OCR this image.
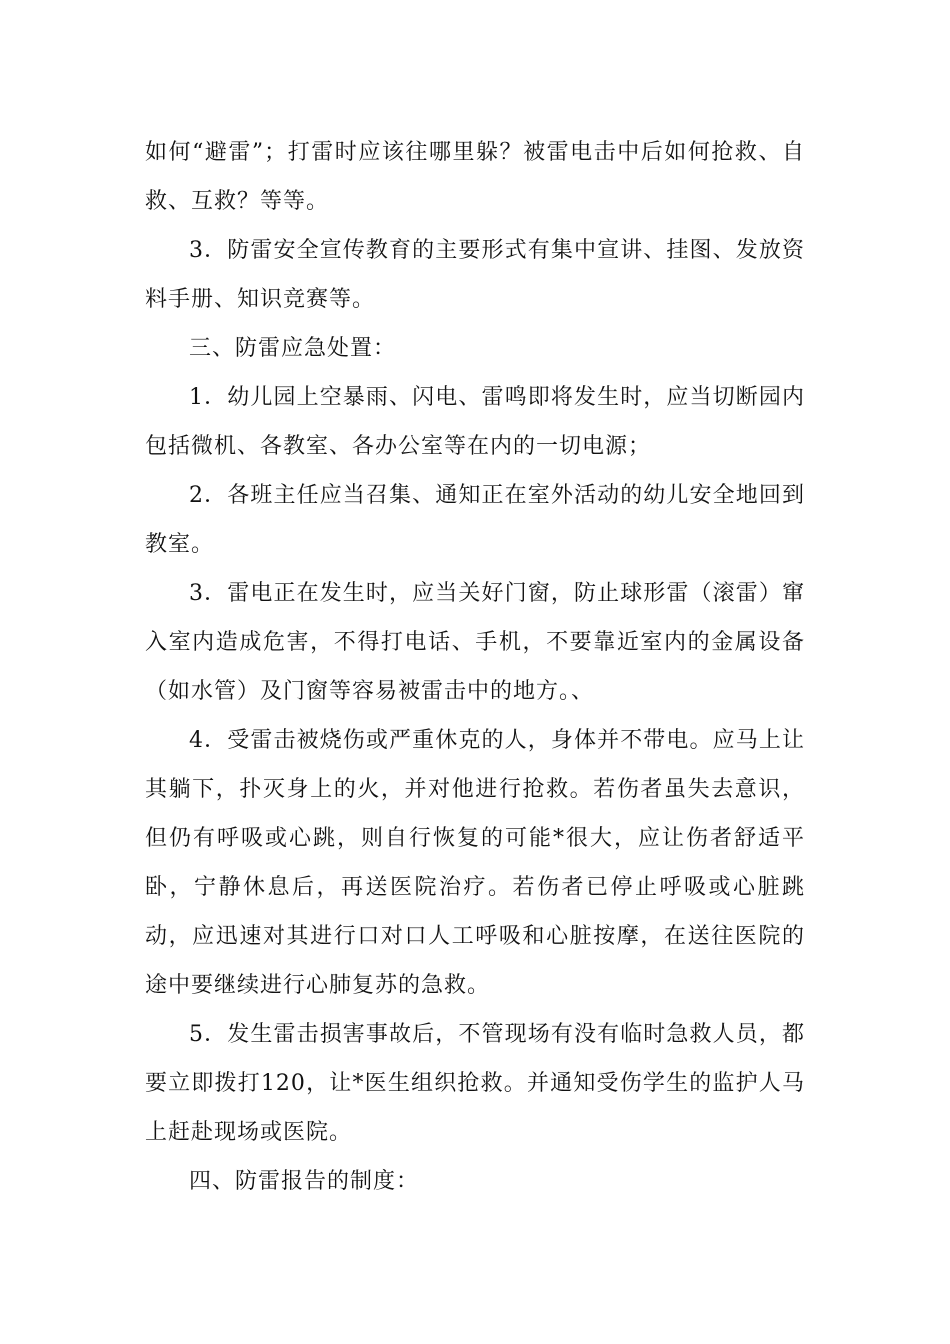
如何“避雷”；打雷时应该往哪里躲？被雷电击中后如何抢救、自救、互救？等等。

3．防雷安全宣传教育的主要形式有集中宣讲、挂图、发放资料手册、知识竞赛等。

三、防雷应急处置：

1．幼儿园上空暴雨、闪电、雷鸣即将发生时，应当切断园内包括微机、各教室、各办公室等在内的一切电源；

2．各班主任应当召集、通知正在室外活动的幼儿安全地回到教室。

3．雷电正在发生时，应当关好门窗，防止球形雷（滚雷）窜入室内造成危害，不得打电话、手机，不要靠近室内的金属设备（如水管）及门窗等容易被雷击中的地方。、

4．受雷击被烧伤或严重休克的人，身体并不带电。应马上让其躺下，扑灭身上的火，并对他进行抢救。若伤者虽失去意识，但仍有呼吸或心跳，则自行恢复的可能*很大，应让伤者舒适平卧，宁静休息后，再送医院治疗。若伤者已停止呼吸或心脏跳动，应迅速对其进行口对口人工呼吸和心脏按摩，在送往医院的途中要继续进行心肺复苏的急救。

5．发生雷击损害事故后，不管现场有没有临时急救人员，都要立即拨打120，让*医生组织抢救。并通知受伤学生的监护人马上赶赴现场或医院。

四、防雷报告的制度：
